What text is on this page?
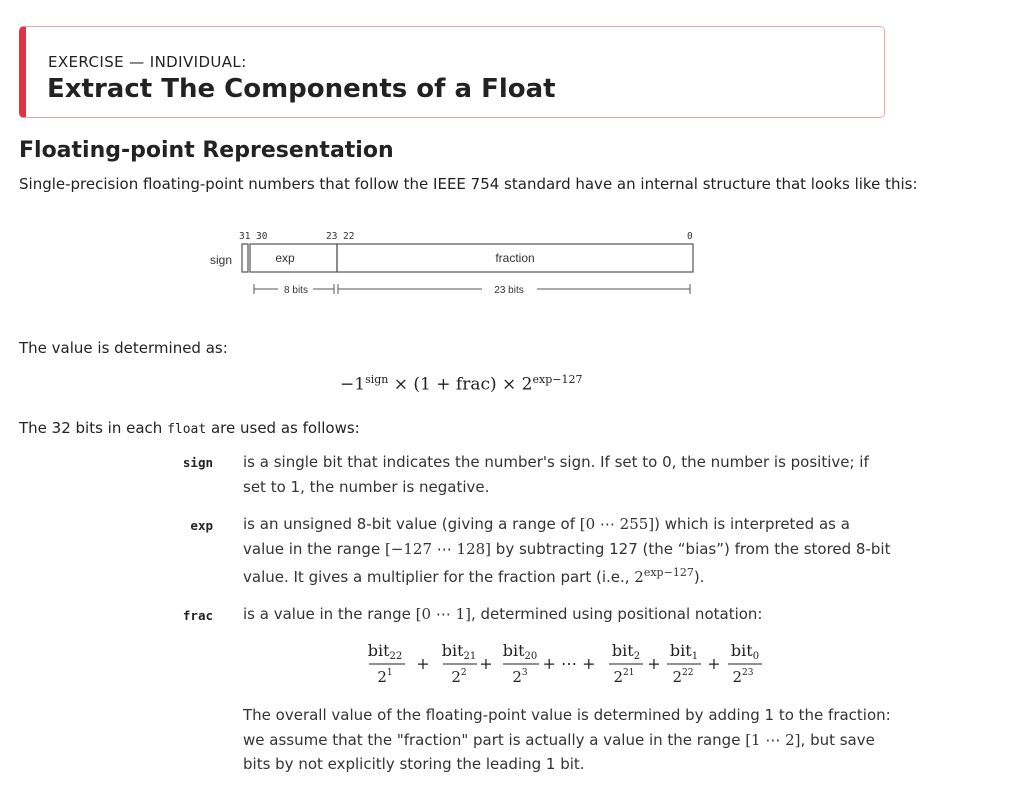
EXERCISE — INDIVIDUAL:
Extract The Components of a Float
Floating-point Representation
Single-precision floating-point numbers that follow the IEEE 754 standard have an internal structure that looks like this:
31 30	23 22	0
sign	exp	fraction
8 bits	23 bits
The value is determined as:
$-1^{sign} \times (1$ + frac) × $2^{exp-127}$
The 32 bits in each float are used as follows:
sign is a single bit that indicates the number's sign. If set to 0, the number is positive; if set to 1, the number is negative.
exp is an unsigned 8-bit value (giving a range of [0 ⋯ 255]) which is interpreted as a value in the range [−127 ⋯ 128] by subtracting 127 (the “bias”) from the stored 8-bit value. It gives a multiplier for the fraction part (i.e., $2^{exp-127}$).
frac is a value in the range [0 ⋯ 1], determined using positional notation:
bit22
$2^1$ +
bit21
$2^2$ +
bit20
$2^3$ + ⋯ +
bit2
$2^{21}$ +
bit1
$2^{22}$ +
bit0
$2^{23}$
The overall value of the floating-point value is determined by adding 1 to the fraction: we assume that the "fraction" part is actually a value in the range [1 ⋯ 2], but save bits by not explicitly storing the leading 1 bit.
